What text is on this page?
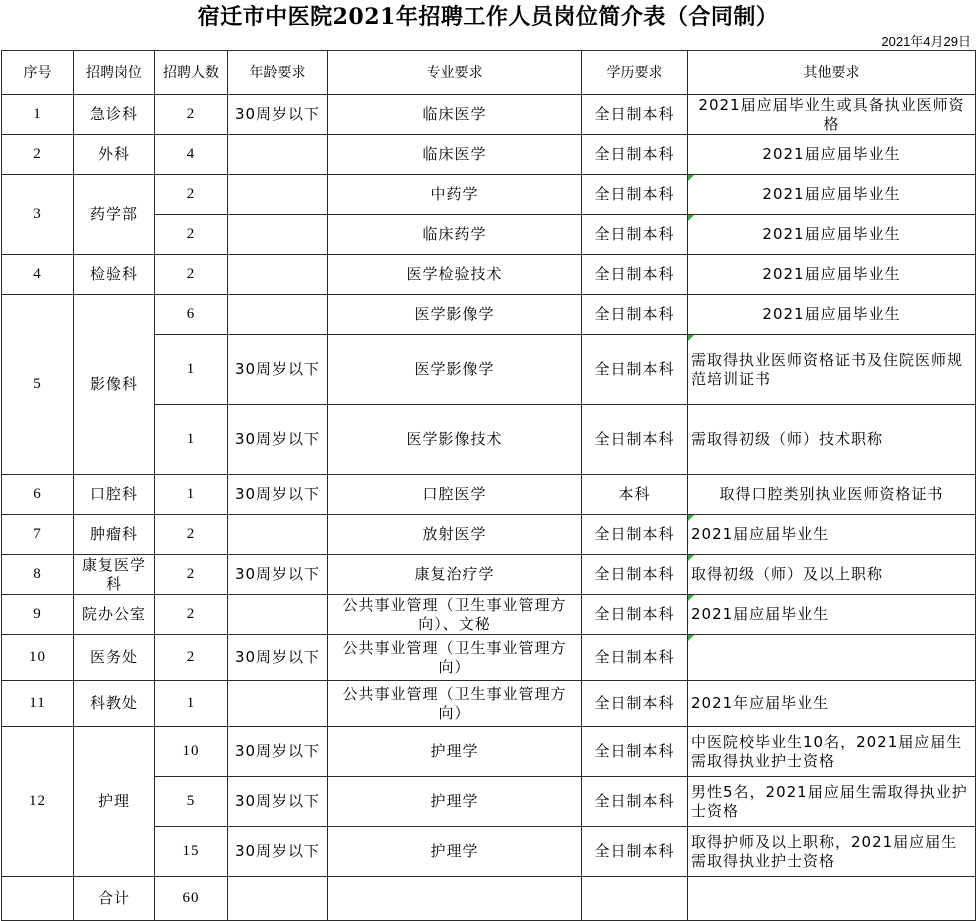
宿迁市中医院2021年招聘工作人员岗位简介表（合同制）
2021年4月29日
序号	招聘岗位	招聘人数	年龄要求	专业要求	学历要求	其他要求
1	急诊科	2	30周岁以下	临床医学	全日制本科	2021届应届毕业生或具备执业医师资格
2	外科	4		临床医学	全日制本科	2021届应届毕业生
3	药学部	2		中药学	全日制本科	2021届应届毕业生
		2		临床药学	全日制本科	2021届应届毕业生
4	检验科	2		医学检验技术	全日制本科	2021届应届毕业生
5	影像科	6		医学影像学	全日制本科	2021届应届毕业生
		1	30周岁以下	医学影像学	全日制本科	需取得执业医师资格证书及住院医师规范培训证书
		1	30周岁以下	医学影像技术	全日制本科	需取得初级（师）技术职称
6	口腔科	1	30周岁以下	口腔医学	本科	取得口腔类别执业医师资格证书
7	肿瘤科	2		放射医学	全日制本科	2021届应届毕业生
8	康复医学科	2	30周岁以下	康复治疗学	全日制本科	取得初级（师）及以上职称
9	院办公室	2		公共事业管理（卫生事业管理方向）、文秘	全日制本科	2021届应届毕业生
10	医务处	2	30周岁以下	公共事业管理（卫生事业管理方向）	全日制本科	
11	科教处	1		公共事业管理（卫生事业管理方向）	全日制本科	2021年应届毕业生
12	护理	10	30周岁以下	护理学	全日制本科	中医院校毕业生10名，2021届应届生需取得执业护士资格
		5	30周岁以下	护理学	全日制本科	男性5名，2021届应届生需取得执业护士资格
		15	30周岁以下	护理学	全日制本科	取得护师及以上职称，2021届应届生需取得执业护士资格
	合计	60				
